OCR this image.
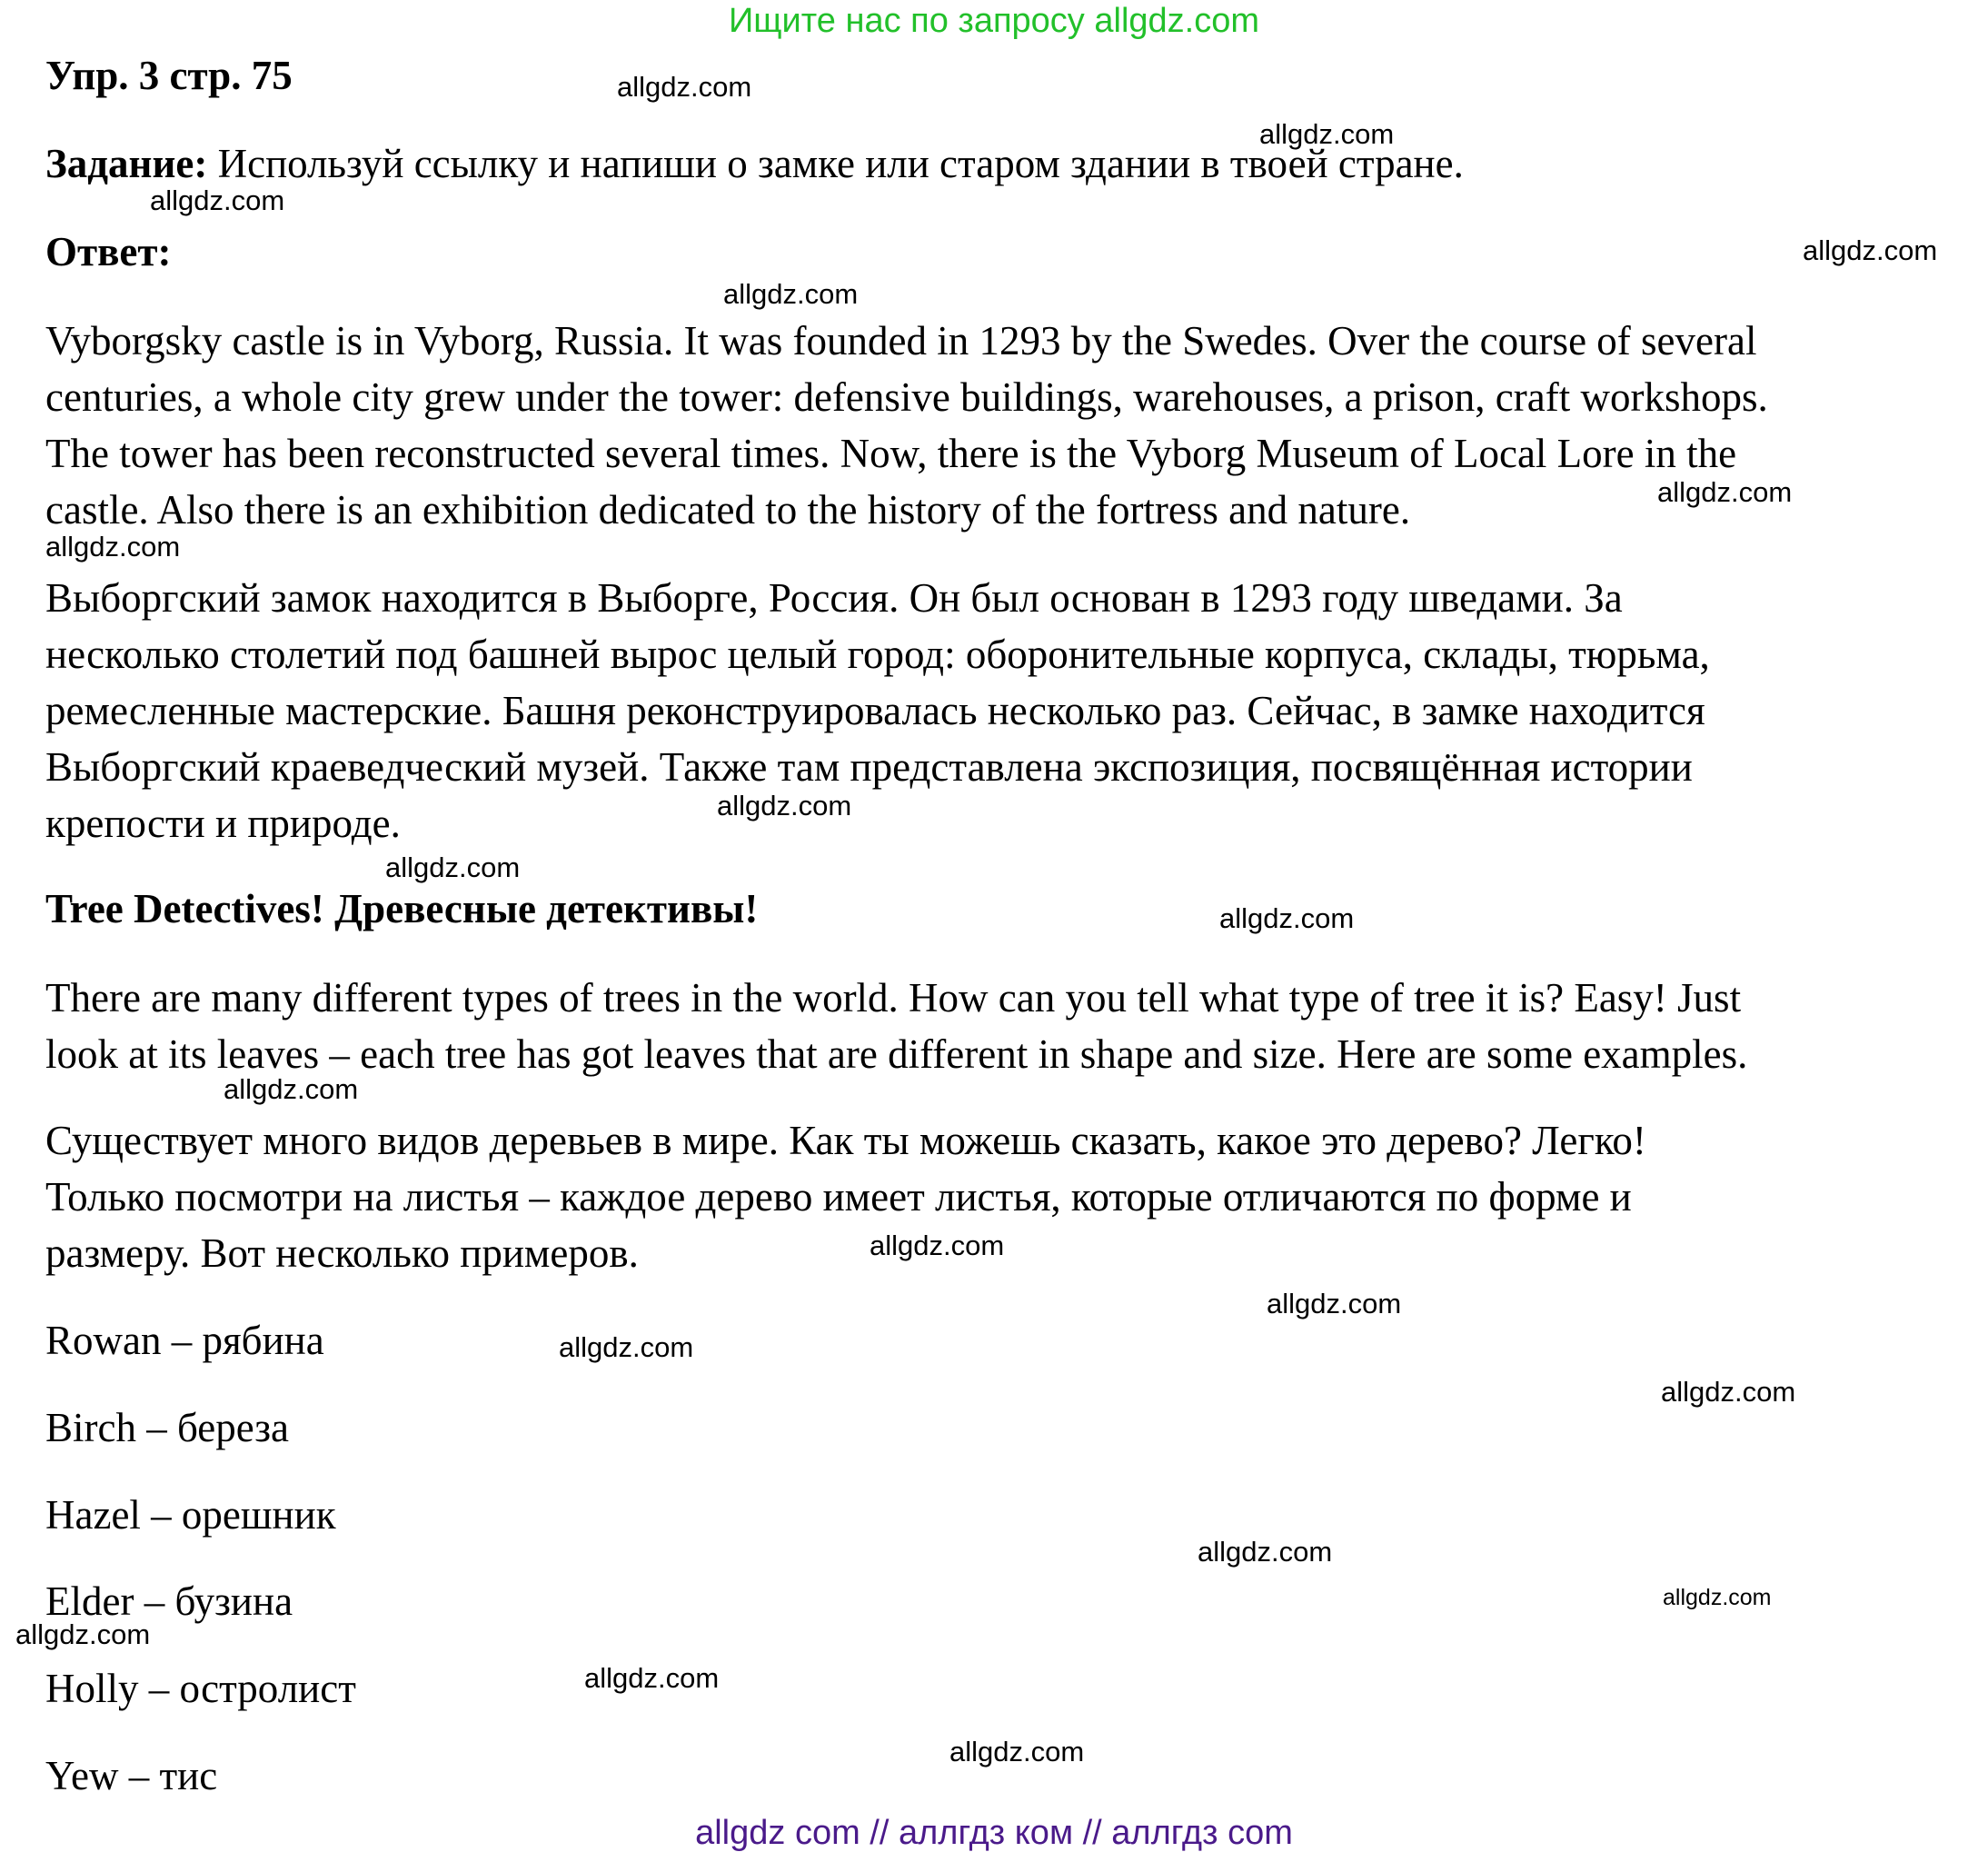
Ищите нас по запросу allgdz.com
Упр. 3 стр. 75
Задание: Используй ссылку и напиши о замке или старом здании в твоей стране.
Ответ:
Vyborgsky castle is in Vyborg, Russia. It was founded in 1293 by the Swedes. Over the course of several
centuries, a whole city grew under the tower: defensive buildings, warehouses, a prison, craft workshops.
The tower has been reconstructed several times. Now, there is the Vyborg Museum of Local Lore in the
castle. Also there is an exhibition dedicated to the history of the fortress and nature.
Выборгский замок находится в Выборге, Россия. Он был основан в 1293 году шведами. За
несколько столетий под башней вырос целый город: оборонительные корпуса, склады, тюрьма,
ремесленные мастерские. Башня реконструировалась несколько раз. Сейчас, в замке находится
Выборгский краеведческий музей. Также там представлена экспозиция, посвящённая истории
крепости и природе.
Tree Detectives! Древесные детективы!
There are many different types of trees in the world. How can you tell what type of tree it is? Easy! Just
look at its leaves – each tree has got leaves that are different in shape and size. Here are some examples.
Существует много видов деревьев в мире. Как ты можешь сказать, какое это дерево? Легко!
Только посмотри на листья – каждое дерево имеет листья, которые отличаются по форме и
размеру. Вот несколько примеров.
Rowan – рябина
Birch – береза
Hazel – орешник
Elder – бузина
Holly – остролист
Yew – тис
allgdz.com
allgdz.com
allgdz.com
allgdz.com
allgdz.com
allgdz.com
allgdz.com
allgdz.com
allgdz.com
allgdz.com
allgdz.com
allgdz.com
allgdz.com
allgdz.com
allgdz.com
allgdz.com
allgdz.com
allgdz.com
allgdz.com
allgdz.com
allgdz com // аллгдз ком // аллгдз com
